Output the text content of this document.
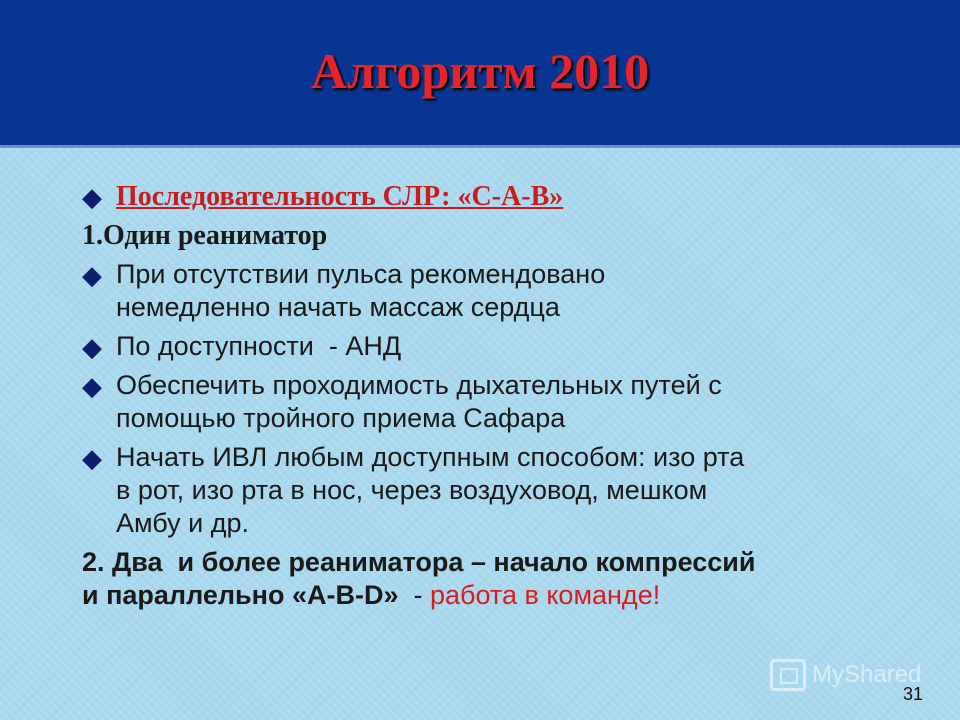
Алгоритм 2010
◆ Последовательность СЛР: «С-А-В»
1.Один реаниматор
◆ При отсутствии пульса рекомендовано
немедленно начать массаж сердца
◆ По доступности  - АНД
◆ Обеспечить проходимость дыхательных путей с
помощью тройного приема Сафара
◆ Начать ИВЛ любым доступным способом: изо рта
в рот, изо рта в нос, через воздуховод, мешком
Амбу и др.
2. Два  и более реаниматора – начало компрессий
и параллельно «A-B-D»  - работа в команде!
MyShared
31
